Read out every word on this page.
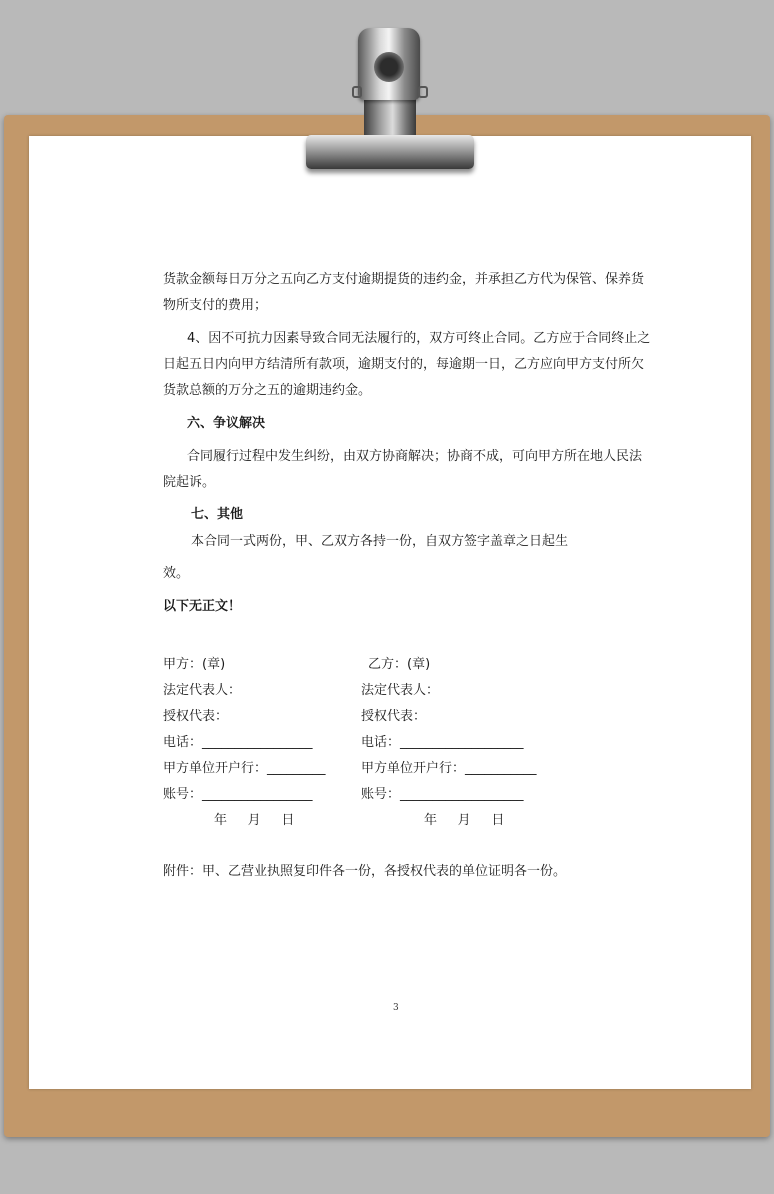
货款金额每日万分之五向乙方支付逾期提货的违约金，并承担乙方代为保管、保养货
物所支付的费用；
4、因不可抗力因素导致合同无法履行的，双方可终止合同。乙方应于合同终止之
日起五日内向甲方结清所有款项，逾期支付的，每逾期一日，乙方应向甲方支付所欠
货款总额的万分之五的逾期违约金。
六、争议解决
合同履行过程中发生纠纷，由双方协商解决；协商不成，可向甲方所在地人民法
院起诉。
七、其他
本合同一式两份，甲、乙双方各持一份，自双方签字盖章之日起生
效。
以下无正文！
甲方：(章)
法定代表人：
授权代表：
电话：_________________
甲方单位开户行：_________
账号：_________________
年     月     日
乙方：(章)
法定代表人：
授权代表：
电话：___________________
甲方单位开户行：___________
账号：___________________
年     月     日
附件：甲、乙营业执照复印件各一份，各授权代表的单位证明各一份。
3
